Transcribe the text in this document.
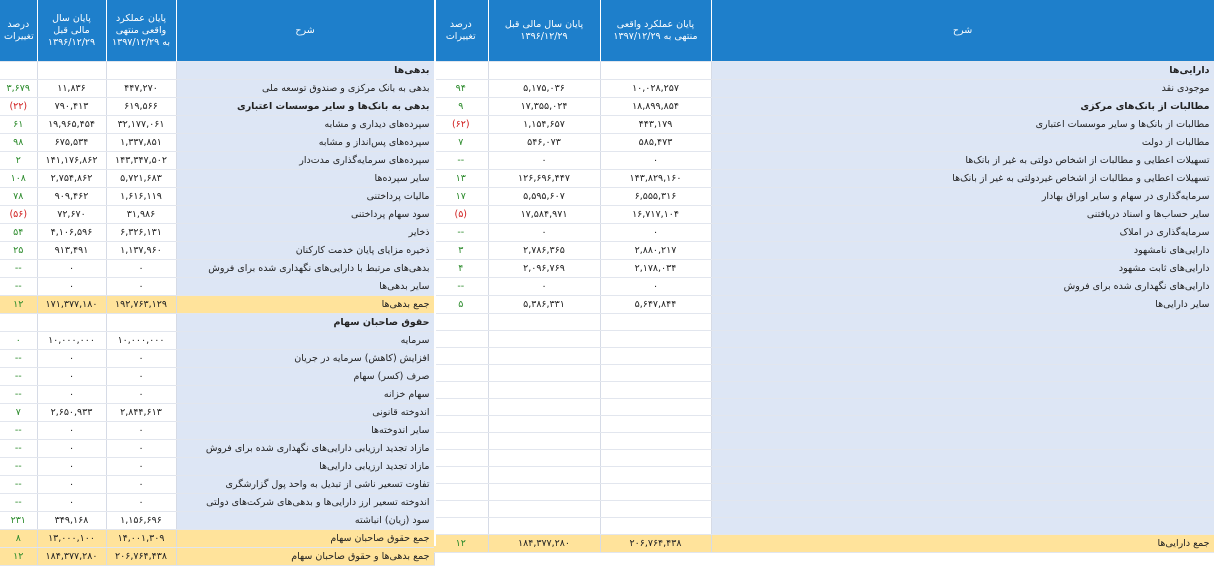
درصد تغییرات	پایان سال مالی قبل ۱۳۹۶/۱۲/۲۹	پایان عملکرد واقعی منتهی به ۱۳۹۷/۱۲/۲۹	شرح
			بدهی‌ها
۳,۶۷۹	۱۱,۸۳۶	۴۴۷,۲۷۰	بدهی به بانک مرکزی و صندوق توسعه ملی
(۲۲)	۷۹۰,۴۱۳	۶۱۹,۵۶۶	بدهی به بانک‌ها و سایر موسسات اعتباری
۶۱	۱۹,۹۶۵,۴۵۴	۳۲,۱۷۷,۰۶۱	سپرده‌های دیداری و مشابه
۹۸	۶۷۵,۵۳۴	۱,۳۳۷,۸۵۱	سپرده‌های پس‌انداز و مشابه
۲	۱۴۱,۱۷۶,۸۶۲	۱۴۳,۳۴۷,۵۰۲	سپرده‌های سرمایه‌گذاری مدت‌دار
۱۰۸	۲,۷۵۴,۸۶۲	۵,۷۲۱,۶۸۳	سایر سپرده‌ها
۷۸	۹۰۹,۴۶۲	۱,۶۱۶,۱۱۹	مالیات پرداختنی
(۵۶)	۷۲,۶۷۰	۳۱,۹۸۶	سود سهام پرداختنی
۵۴	۴,۱۰۶,۵۹۶	۶,۳۲۶,۱۳۱	ذخایر
۲۵	۹۱۳,۴۹۱	۱,۱۳۷,۹۶۰	ذخیره مزایای پایان خدمت کارکنان
--	۰	۰	بدهی‌های مرتبط با دارایی‌های نگهداری شده برای فروش
--	۰	۰	سایر بدهی‌ها
۱۲	۱۷۱,۳۷۷,۱۸۰	۱۹۲,۷۶۳,۱۲۹	جمع بدهی‌ها
			حقوق صاحبان سهام
۰	۱۰,۰۰۰,۰۰۰	۱۰,۰۰۰,۰۰۰	سرمایه
--	۰	۰	افزایش (کاهش) سرمایه در جریان
--	۰	۰	صرف (کسر) سهام
--	۰	۰	سهام خزانه
۷	۲,۶۵۰,۹۳۳	۲,۸۴۴,۶۱۳	اندوخته قانونی
--	۰	۰	سایر اندوخته‌ها
--	۰	۰	مازاد تجدید ارزیابی دارایی‌های نگهداری شده برای فروش
--	۰	۰	مازاد تجدید ارزیابی دارایی‌ها
--	۰	۰	تفاوت تسعیر ناشی از تبدیل به واحد پول گزارشگری
--	۰	۰	اندوخته تسعیر ارز دارایی‌ها و بدهی‌های شرکت‌های دولتی
۲۳۱	۳۴۹,۱۶۸	۱,۱۵۶,۶۹۶	سود (زیان) انباشته
۸	۱۳,۰۰۰,۱۰۰	۱۴,۰۰۱,۳۰۹	جمع حقوق صاحبان سهام
۱۲	۱۸۴,۳۷۷,۲۸۰	۲۰۶,۷۶۴,۴۳۸	جمع بدهی‌ها و حقوق صاحبان سهام
درصد تغییرات	پایان سال مالی قبل ۱۳۹۶/۱۲/۲۹	پایان عملکرد واقعی منتهی به ۱۳۹۷/۱۲/۲۹	شرح
			دارایی‌ها
۹۴	۵,۱۷۵,۰۳۶	۱۰,۰۲۸,۲۵۷	موجودی نقد
۹	۱۷,۳۵۵,۰۲۴	۱۸,۸۹۹,۸۵۴	مطالبات از بانک‌های مرکزی
(۶۲)	۱,۱۵۴,۶۵۷	۴۴۳,۱۷۹	مطالبات از بانک‌ها و سایر موسسات اعتباری
۷	۵۴۶,۰۷۳	۵۸۵,۴۷۳	مطالبات از دولت
--	۰	۰	تسهیلات اعطایی و مطالبات از اشخاص دولتی به غیر از بانک‌ها
۱۳	۱۲۶,۶۹۶,۴۴۷	۱۴۳,۸۲۹,۱۶۰	تسهیلات اعطایی و مطالبات از اشخاص غیردولتی به غیر از بانک‌ها
۱۷	۵,۵۹۵,۶۰۷	۶,۵۵۵,۳۱۶	سرمایه‌گذاری در سهام و سایر اوراق بهادار
(۵)	۱۷,۵۸۴,۹۷۱	۱۶,۷۱۷,۱۰۴	سایر حساب‌ها و اسناد دریافتنی
--	۰	۰	سرمایه‌گذاری در املاک
۳	۲,۷۸۶,۳۶۵	۲,۸۸۰,۲۱۷	دارایی‌های نامشهود
۴	۲,۰۹۶,۷۶۹	۲,۱۷۸,۰۳۴	دارایی‌های ثابت مشهود
--	۰	۰	دارایی‌های نگهداری شده برای فروش
۵	۵,۳۸۶,۳۳۱	۵,۶۴۷,۸۴۴	سایر دارایی‌ها

۱۲	۱۸۴,۳۷۷,۲۸۰	۲۰۶,۷۶۴,۴۳۸	جمع دارایی‌ها
